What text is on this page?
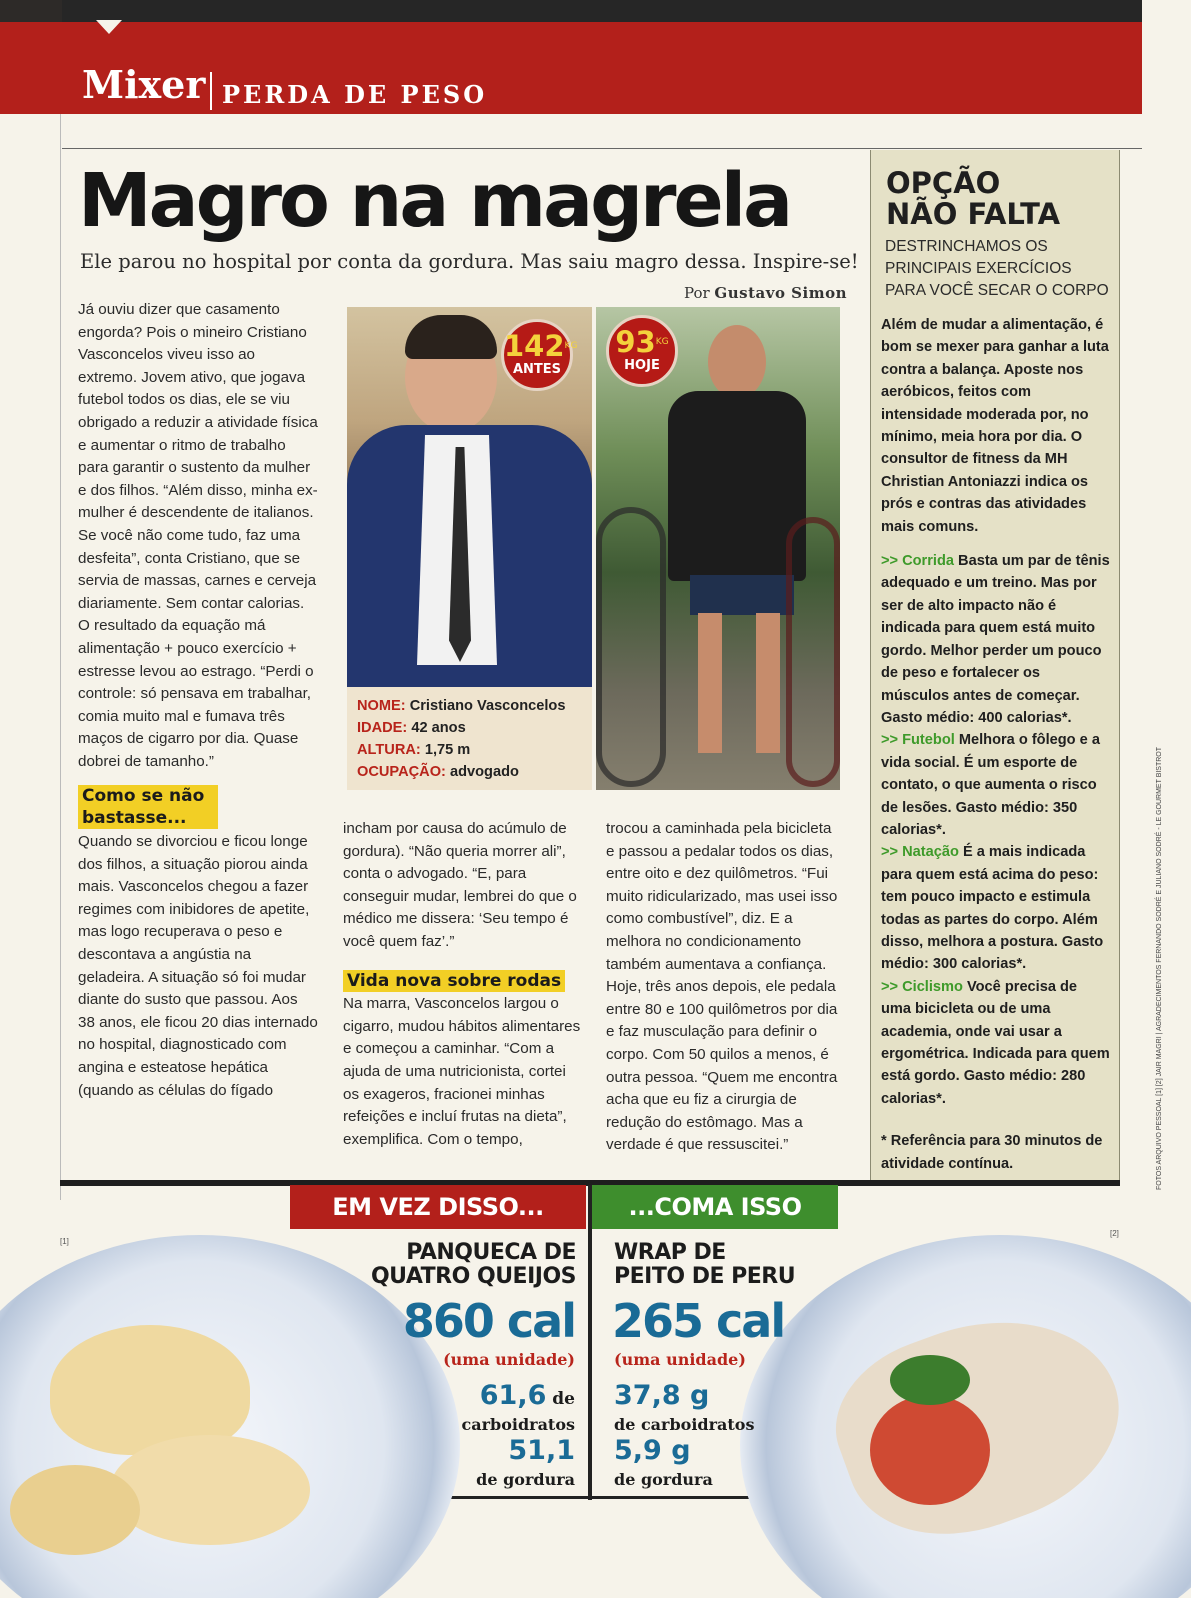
Mixer PERDA DE PESO
Magro na magrela
Ele parou no hospital por conta da gordura. Mas saiu magro dessa. Inspire-se!
Por Gustavo Simon

Já ouviu dizer que casamento engorda? Pois o mineiro Cristiano Vasconcelos viveu isso ao extremo. Jovem ativo, que jogava futebol todos os dias, ele se viu obrigado a reduzir a atividade física e aumentar o ritmo de trabalho para garantir o sustento da mulher e dos filhos. “Além disso, minha ex-mulher é descendente de italianos. Se você não come tudo, faz uma desfeita”, conta Cristiano, que se servia de massas, carnes e cerveja diariamente. Sem contar calorias. O resultado da equação má alimentação + pouco exercício + estresse levou ao estrago. “Perdi o controle: só pensava em trabalhar, comia muito mal e fumava três maços de cigarro por dia. Quase dobrei de tamanho.”

Como se não bastasse...

Quando se divorciou e ficou longe dos filhos, a situação piorou ainda mais. Vasconcelos chegou a fazer regimes com inibidores de apetite, mas logo recuperava o peso e descontava a angústia na geladeira. A situação só foi mudar diante do susto que passou. Aos 38 anos, ele ficou 20 dias internado no hospital, diagnosticado com angina e esteatose hepática (quando as células do fígado

$142^{KG}$
ANTES
$93^{KG}$
HOJE
NOME: Cristiano Vasconcelos
IDADE: 42 anos
ALTURA: 1,75 m
OCUPAÇÃO: advogado

incham por causa do acúmulo de gordura). “Não queria morrer ali”, conta o advogado. “E, para conseguir mudar, lembrei do que o médico me dissera: ‘Seu tempo é você quem faz’.”

Vida nova sobre rodas

Na marra, Vasconcelos largou o cigarro, mudou hábitos alimentares e começou a caminhar. “Com a ajuda de uma nutricionista, cortei os exageros, fracionei minhas refeições e incluí frutas na dieta”, exemplifica. Com o tempo,

trocou a caminhada pela bicicleta e passou a pedalar todos os dias, entre oito e dez quilômetros. “Fui muito ridicularizado, mas usei isso como combustível”, diz. E a melhora no condicionamento também aumentava a confiança. Hoje, três anos depois, ele pedala entre 80 e 100 quilômetros por dia e faz musculação para definir o corpo. Com 50 quilos a menos, é outra pessoa. “Quem me encontra acha que eu fiz a cirurgia de redução do estômago. Mas a verdade é que ressuscitei.”

OPÇÃO
NÃO FALTA
DESTRINCHAMOS OS
PRINCIPAIS EXERCÍCIOS
PARA VOCÊ SECAR O CORPO

Além de mudar a alimentação, é bom se mexer para ganhar a luta contra a balança. Aposte nos aeróbicos, feitos com intensidade moderada por, no mínimo, meia hora por dia. O consultor de fitness da MH Christian Antoniazzi indica os prós e contras das atividades mais comuns.

>> Corrida Basta um par de tênis adequado e um treino. Mas por ser de alto impacto não é indicada para quem está muito gordo. Melhor perder um pouco de peso e fortalecer os músculos antes de começar. Gasto médio: 400 calorias*.

>> Futebol Melhora o fôlego e a vida social. É um esporte de contato, o que aumenta o risco de lesões. Gasto médio: 350 calorias*.

>> Natação É a mais indicada para quem está acima do peso: tem pouco impacto e estimula todas as partes do corpo. Além disso, melhora a postura. Gasto médio: 300 calorias*.

>> Ciclismo Você precisa de uma bicicleta ou de uma academia, onde vai usar a ergométrica. Indicada para quem está gordo. Gasto médio: 280 calorias*.

* Referência para 30 minutos de atividade contínua.	FOTOS ARQUIVO PESSOAL [1] [2] JAIR MAGRI | AGRADECIMENTOS FERNANDO SODRÉ E JULIANO SODRÉ - LE GOURMET BISTROT
EM VEZ DISSO...	...COMA ISSO
[1]
[2]
PANQUECA DE
QUATRO QUEIJOS
860 cal
(uma unidade)
61,6 de
carboidratos
51,1
de gordura
WRAP DE
PEITO DE PERU
265 cal
(uma unidade)
37,8 g
de carboidratos
5,9 g
de gordura
